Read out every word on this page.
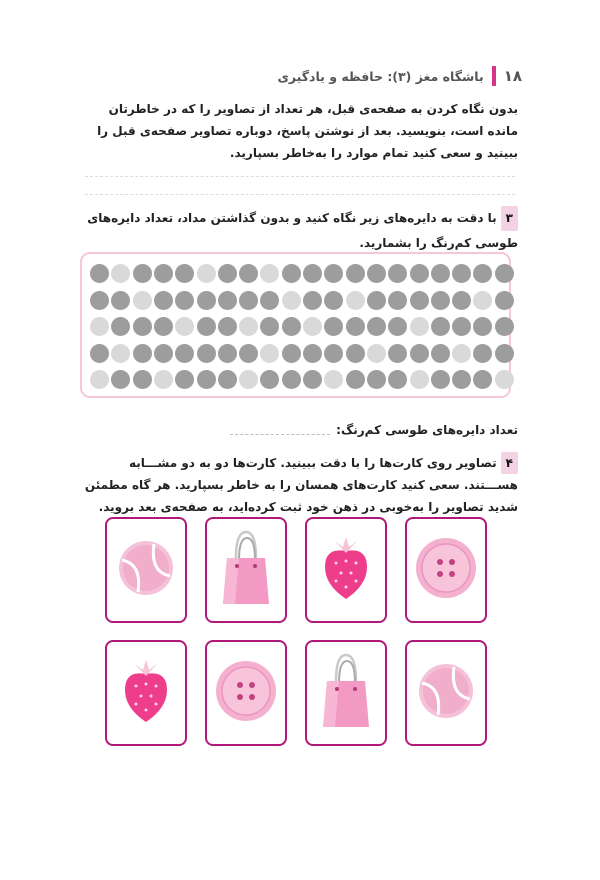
۱۸
باشگاه مغز (۳): حافظه و یادگیری
بدون نگاه کردن به صفحه‌ی قبل، هر تعداد از تصاویر را که در خاطرتان مانده است، بنویسید. بعد از نوشتن پاسخ، دوباره تصاویر صفحه‌ی قبل را ببینید و سعی کنید تمام موارد را به‌خاطر بسپارید.
۳با دقت به دایره‌های زیر نگاه کنید و بدون گذاشتن مداد، تعداد دایره‌های طوسی کم‌رنگ را بشمارید.
تعداد دایره‌های طوسی کم‌رنگ:
۴تصاویر روی کارت‌ها را با دقت ببینید. کارت‌ها دو به دو مشـــابه هســـتند. سعی کنید کارت‌های همسان را به خاطر بسپارید. هر گاه مطمئن شدید تصاویر را به‌خوبی در ذهن خود ثبت کرده‌اید، به صفحه‌ی بعد بروید.
